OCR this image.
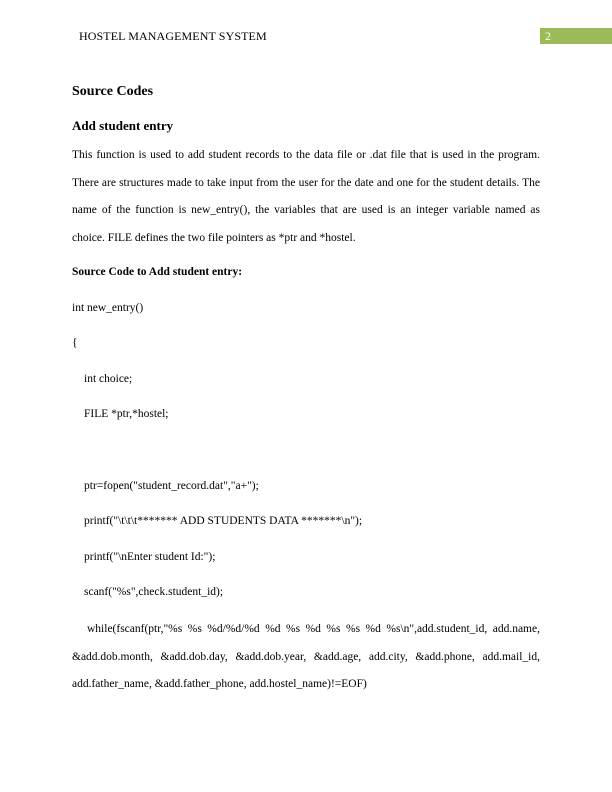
HOSTEL MANAGEMENT SYSTEM	2
Source Codes
Add student entry
This function is used to add student records to the data file or .dat file that is used in the program. There are structures made to take input from the user for the date and one for the student details. The name of the function is new_entry(), the variables that are used is an integer variable named as choice. FILE defines the two file pointers as *ptr and *hostel.
Source Code to Add student entry:
int new_entry()
{
int choice;
FILE *ptr,*hostel;
ptr=fopen("student_record.dat","a+");
printf("\t\t\t******* ADD STUDENTS DATA *******\n");
printf("\nEnter student Id:");
scanf("%s",check.student_id);
while(fscanf(ptr,"%s %s %d/%d/%d %d %s %d %s %s %d %s\n",add.student_id, add.name, &add.dob.month, &add.dob.day, &add.dob.year, &add.age, add.city, &add.phone, add.mail_id, add.father_name, &add.father_phone, add.hostel_name)!=EOF)
